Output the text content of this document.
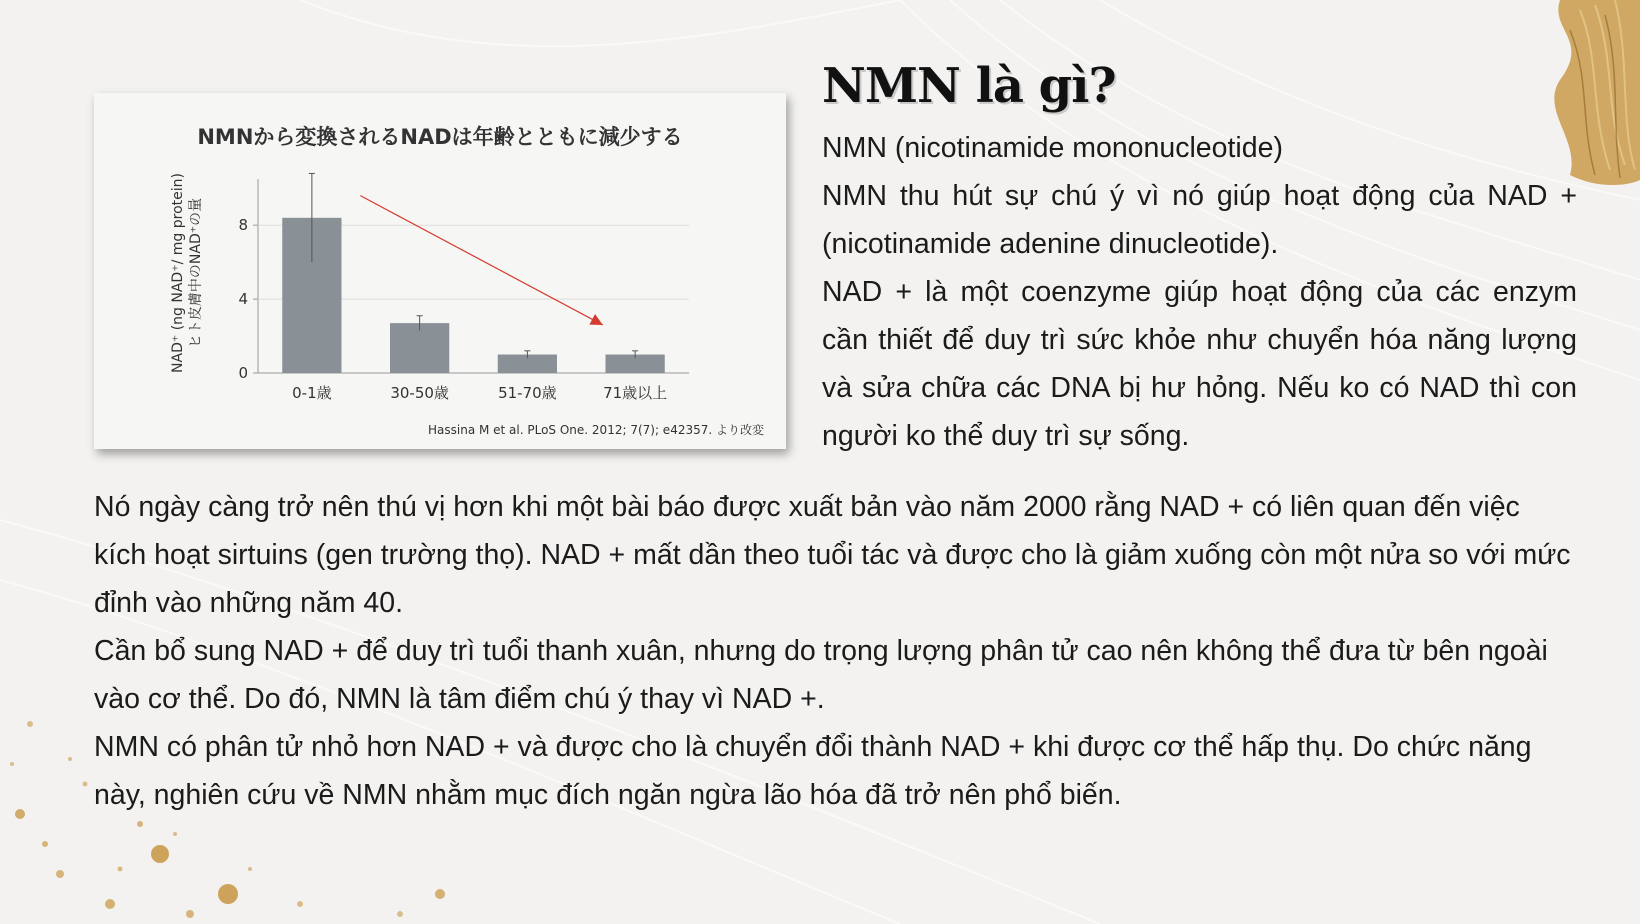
NMNから変換されるNADは年齢とともに減少する
NAD⁺ (ng NAD⁺/ mg protein) ヒト皮膚中のNAD⁺の量
0
4
8
0-1歳	30-50歳	51-70歳	71歳以上
Hassina M et al. PLoS One. 2012; 7(7); e42357. より改変
NMN là gì?

NMN (nicotinamide mononucleotide)

NMN thu hút sự chú ý vì nó giúp hoạt động của NAD + (nicotinamide adenine dinucleotide).

NAD + là một coenzyme giúp hoạt động của các enzym cần thiết để duy trì sức khỏe như chuyển hóa năng lượng và sửa chữa các DNA bị hư hỏng. Nếu ko có NAD thì con người ko thể duy trì sự sống.

Nó ngày càng trở nên thú vị hơn khi một bài báo được xuất bản vào năm 2000 rằng NAD + có liên quan đến việc kích hoạt sirtuins (gen trường thọ). NAD + mất dần theo tuổi tác và được cho là giảm xuống còn một nửa so với mức đỉnh vào những năm 40.

Cần bổ sung NAD + để duy trì tuổi thanh xuân, nhưng do trọng lượng phân tử cao nên không thể đưa từ bên ngoài vào cơ thể. Do đó, NMN là tâm điểm chú ý thay vì NAD +.

NMN có phân tử nhỏ hơn NAD + và được cho là chuyển đổi thành NAD + khi được cơ thể hấp thụ. Do chức năng này, nghiên cứu về NMN nhằm mục đích ngăn ngừa lão hóa đã trở nên phổ biến.
